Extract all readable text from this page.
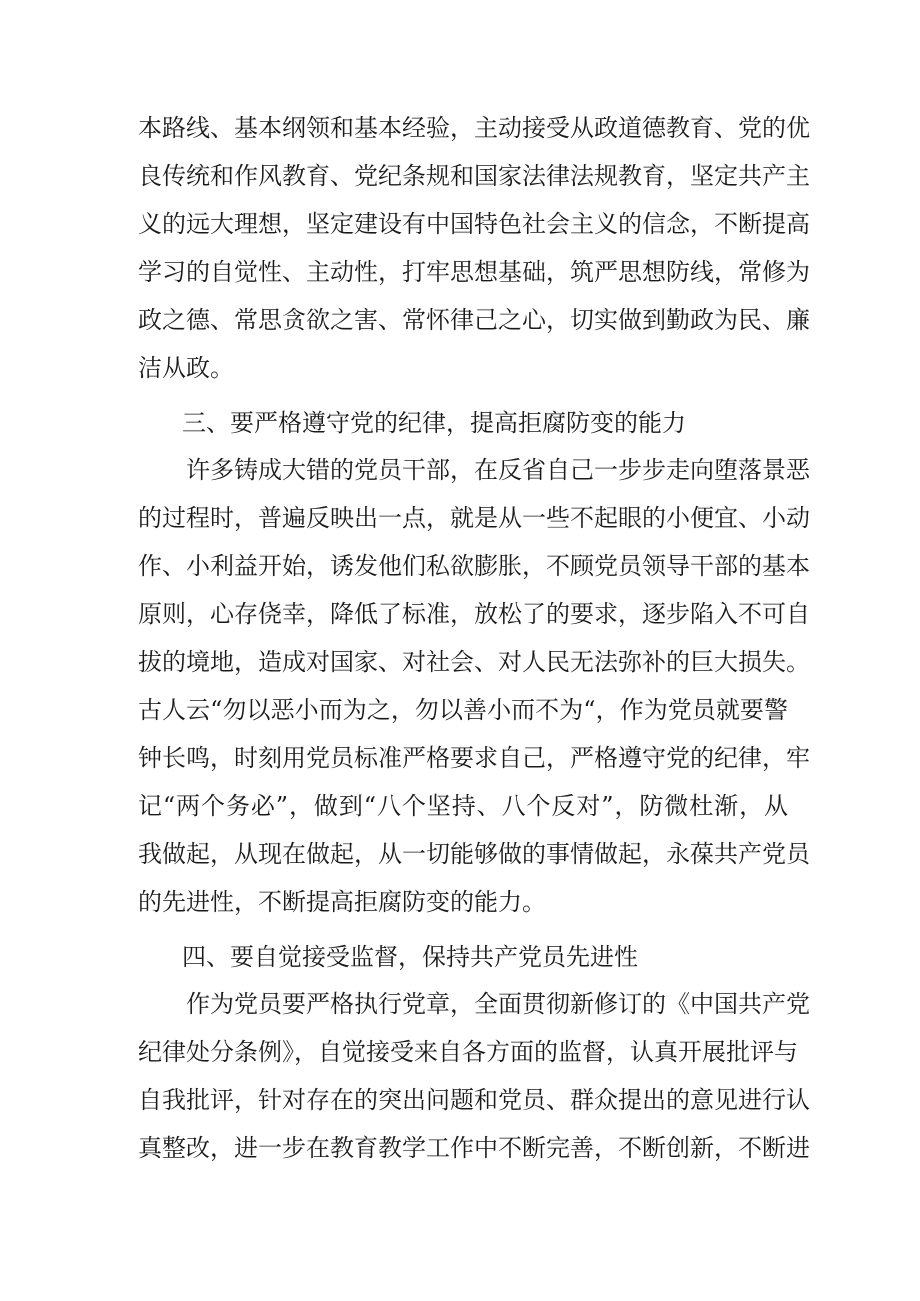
本路线、基本纲领和基本经验，主动接受从政道德教育、党的优
良传统和作风教育、党纪条规和国家法律法规教育，坚定共产主
义的远大理想，坚定建设有中国特色社会主义的信念，不断提高
学习的自觉性、主动性，打牢思想基础，筑严思想防线，常修为
政之德、常思贪欲之害、常怀律己之心，切实做到勤政为民、廉
洁从政。
三、要严格遵守党的纪律，提高拒腐防变的能力
许多铸成大错的党员干部，在反省自己一步步走向堕落景恶
的过程时，普遍反映出一点，就是从一些不起眼的小便宜、小动
作、小利益开始，诱发他们私欲膨胀，不顾党员领导干部的基本
原则，心存侥幸，降低了标准，放松了的要求，逐步陷入不可自
拔的境地，造成对国家、对社会、对人民无法弥补的巨大损失。
古人云“勿以恶小而为之，勿以善小而不为“，作为党员就要警
钟长鸣，时刻用党员标准严格要求自己，严格遵守党的纪律，牢
记“两个务必”，做到“八个坚持、八个反对”，防微杜渐，从
我做起，从现在做起，从一切能够做的事情做起，永葆共产党员
的先进性，不断提高拒腐防变的能力。
四、要自觉接受监督，保持共产党员先进性
作为党员要严格执行党章，全面贯彻新修订的《中国共产党
纪律处分条例》，自觉接受来自各方面的监督，认真开展批评与
自我批评，针对存在的突出问题和党员、群众提出的意见进行认
真整改，进一步在教育教学工作中不断完善，不断创新，不断进
